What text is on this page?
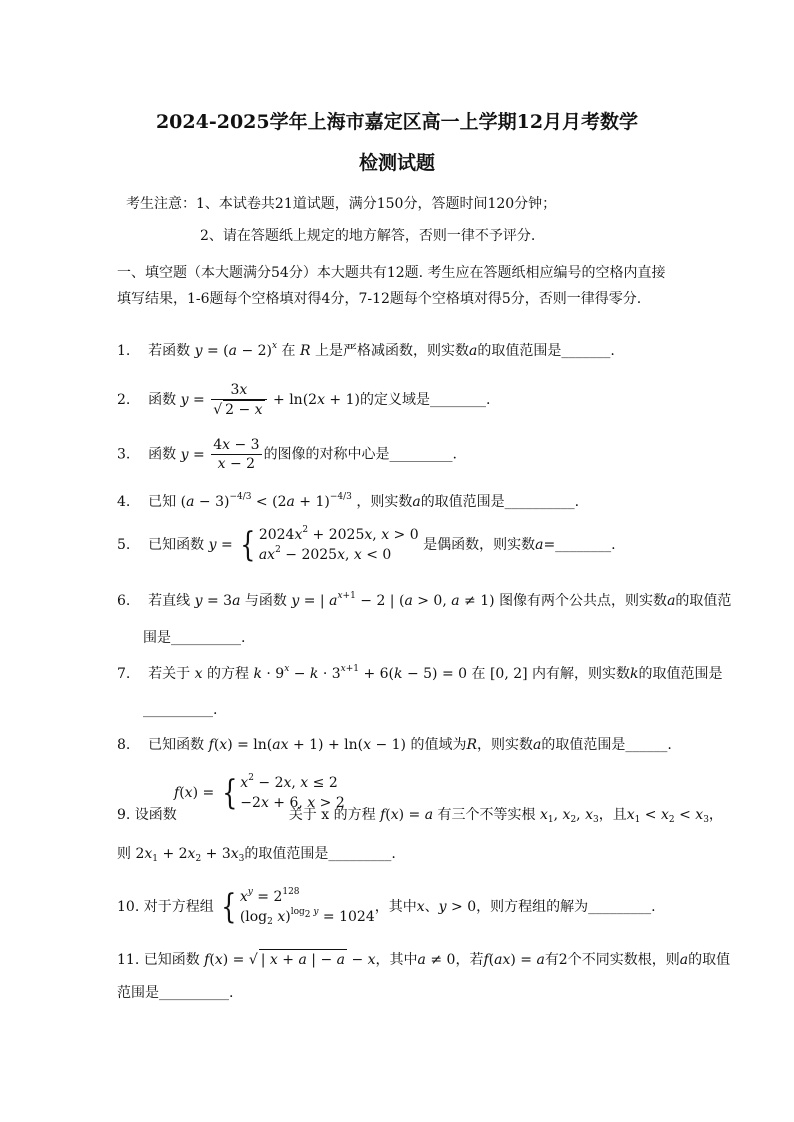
2024-2025学年上海市嘉定区高一上学期12月月考数学
检测试题
考生注意：1、本试卷共21道试题，满分150分，答题时间120分钟；
2、请在答题纸上规定的地方解答，否则一律不予评分.
一、填空题（本大题满分54分）本大题共有12题. 考生应在答题纸相应编号的空格内直接
填写结果，1-6题每个空格填对得4分，7-12题每个空格填对得5分，否则一律得零分.
1. 若函数 $y = (a - 2)^x$ 在 R 上是严格减函数，则实数a的取值范围是_______.
2. 函数 $y = \frac{3x}{√ 2 - x} + \ln(2x + 1)$的定义域是________.
3. 函数 $y = \frac{4x - 3}{x - 2}$ 的图像的对称中心是_________.
4. 已知 $(a - 3)^{-4/3} < (2a + 1)^{-4/3}$ ，则实数a的取值范围是__________.
5. 已知函数 y = { $2024x^2 + 2025x$, x > 0
$ax^2 - 2025x$, x < 0
是偶函数，则实数a=________.
6. 若直线 y = 3a 与函数 y = | $a^{x+1} - 2$ | (a > 0, a ≠ 1) 图像有两个公共点，则实数a的取值范
围是__________.
7. 若关于 x 的方程 $k \cdot 9^x - k \cdot 3^{x+1} + 6(k - 5) = 0$ 在 [0, 2] 内有解，则实数k的取值范围是
__________.
8. 已知函数 f(x) = ln(ax + 1) + ln(x − 1) 的值域为R，则实数a的取值范围是______.
f(x) = { $x^2 - 2x$, x ≤ 2
−2x + 6, x > 2
9. 设函数	关于 x 的方程 f(x) = a 有三个不等实根 $x_1$, $x_2$, $x_3$，且$x_1 < x_2 < x_3$，
则 $2x_1 + 2x_2 + 3x_3$的取值范围是_________.
10. 对于方程组 { $x^y = 2^{128}$
($\log_2$ x)$^{log_2 y}$ = 1024
，其中x、y > 0，则方程组的解为_________.
11. 已知函数 f(x) = √ | x + a | − a − x，其中a ≠ 0，若f(ax) = a有2个不同实数根，则a的取值
范围是__________.
